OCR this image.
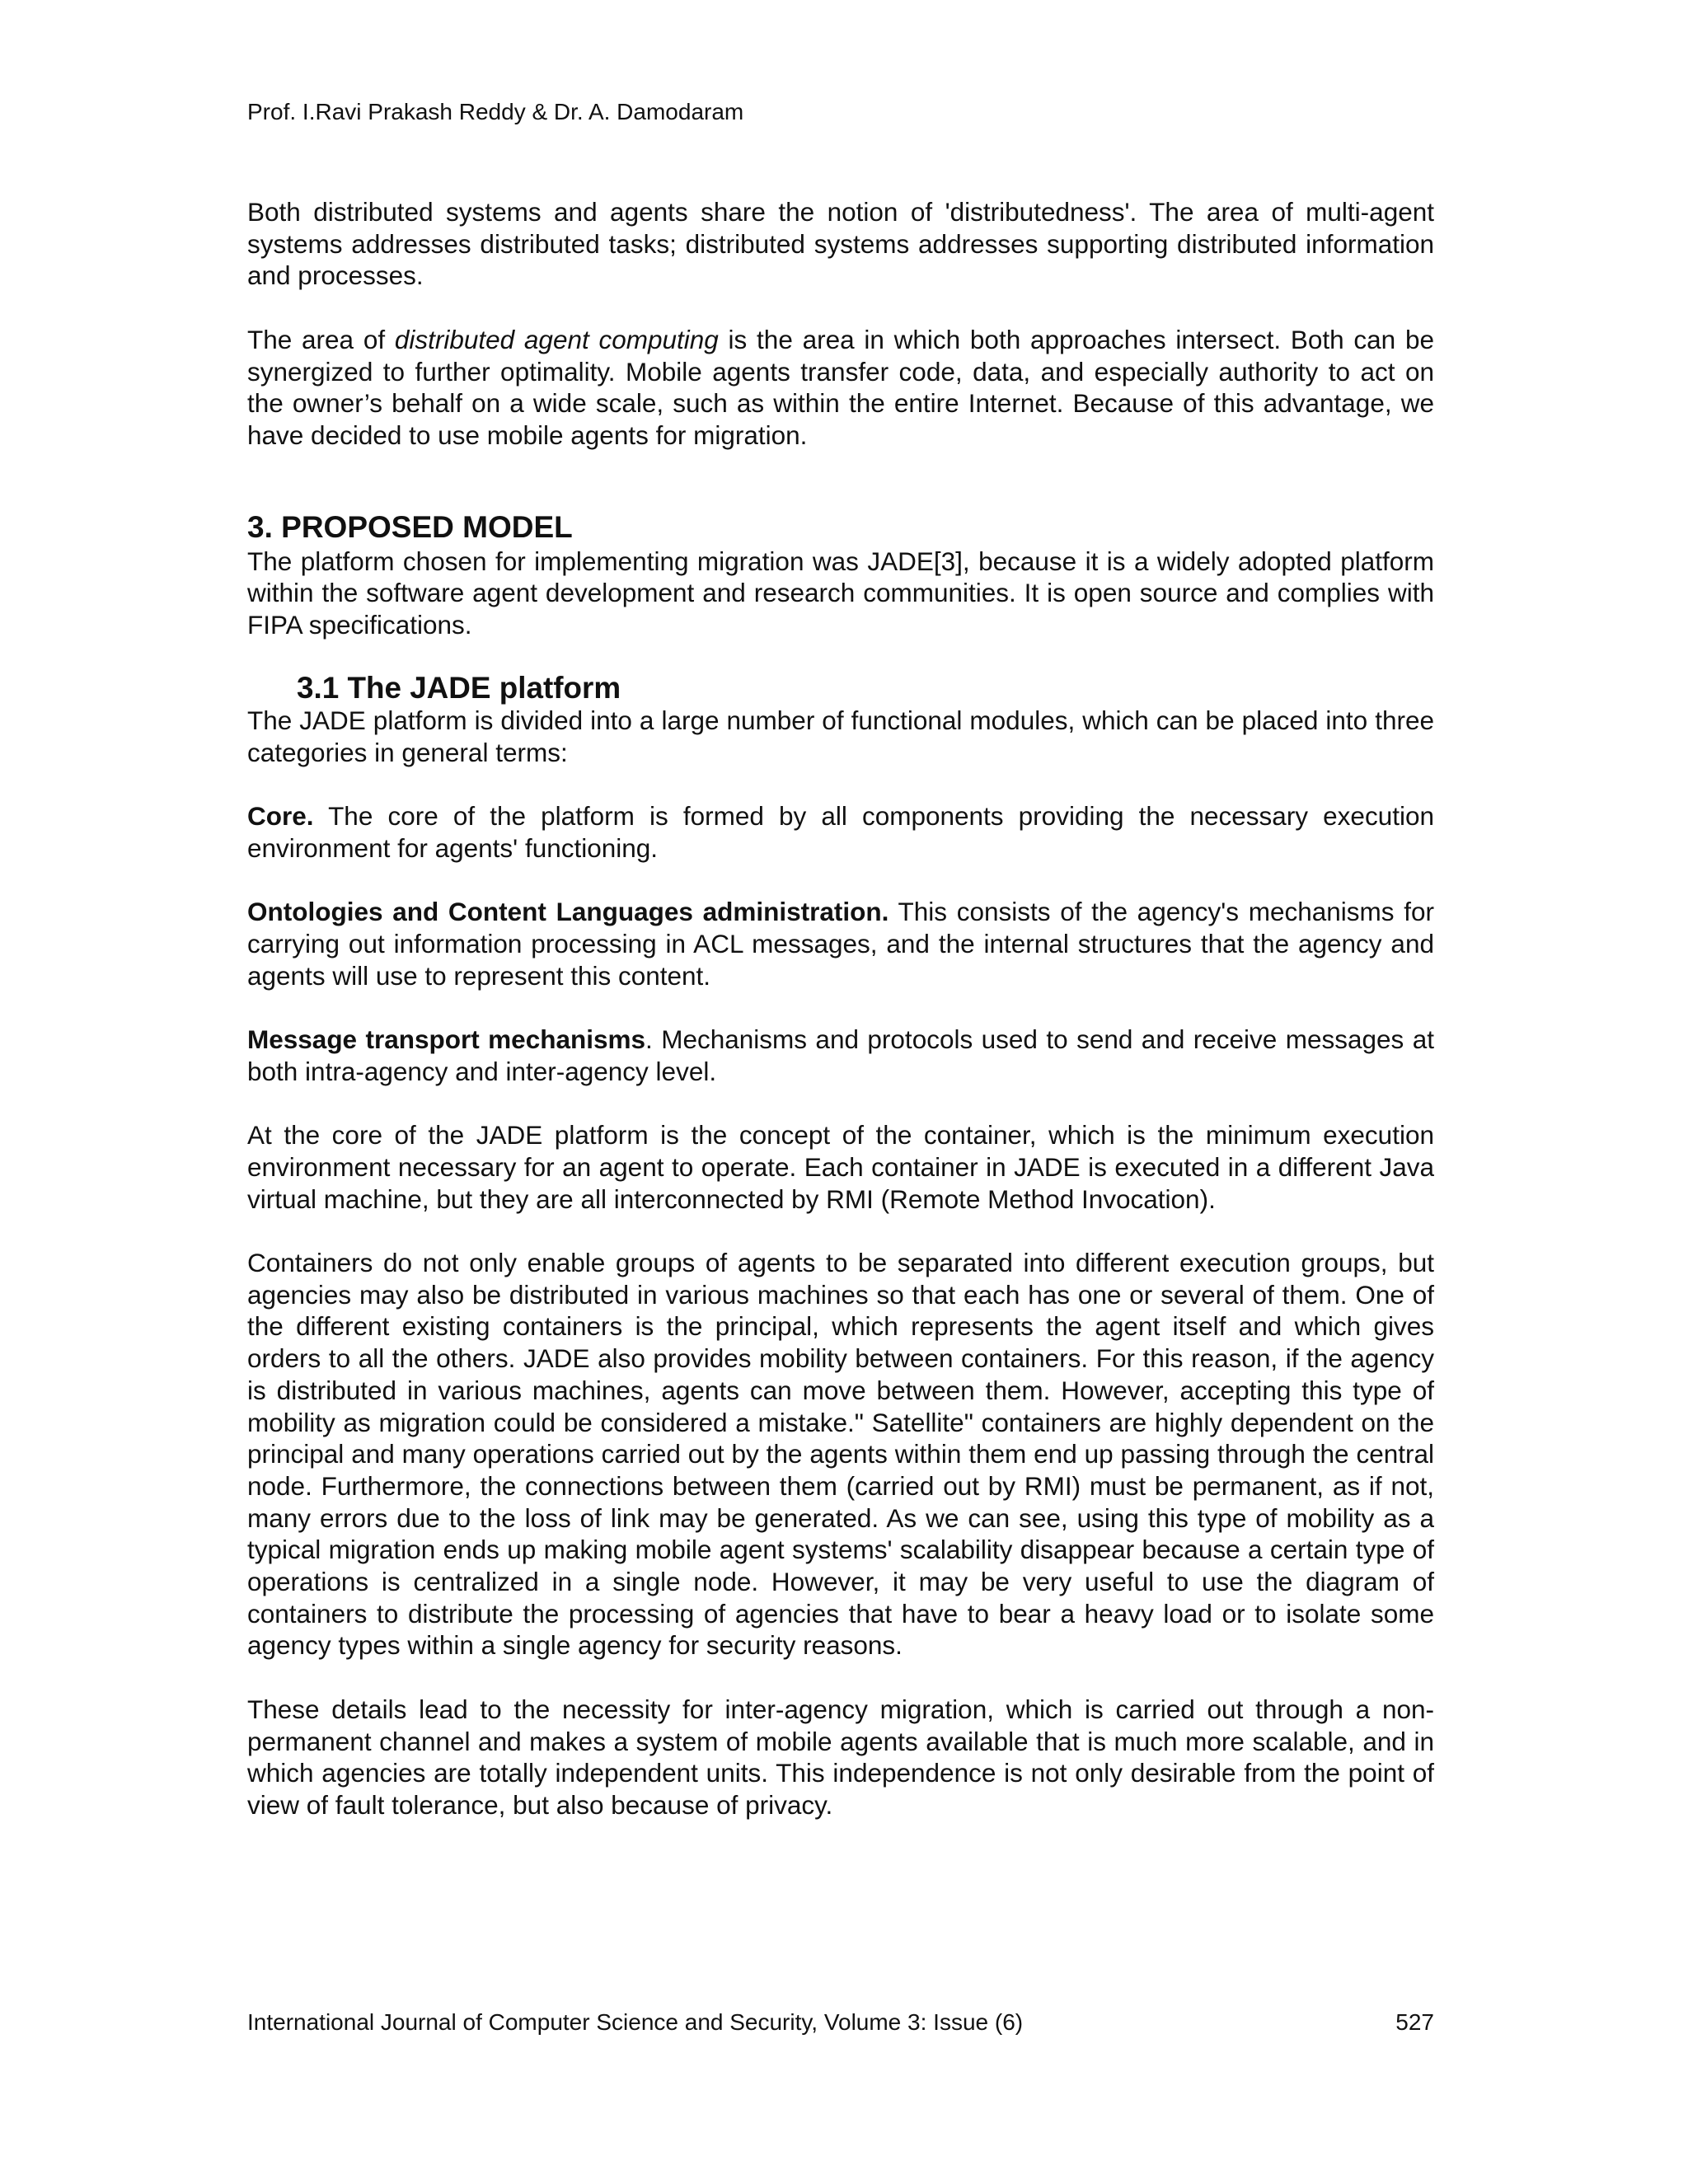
Prof. I.Ravi Prakash Reddy & Dr. A. Damodaram

Both distributed systems and agents share the notion of 'distributedness'. The area of multi-agent systems addresses distributed tasks; distributed systems addresses supporting distributed information and processes.

The area of distributed agent computing is the area in which both approaches intersect. Both can be synergized to further optimality. Mobile agents transfer code, data, and especially authority to act on the owner’s behalf on a wide scale, such as within the entire Internet. Because of this advantage, we have decided to use mobile agents for migration.

3. PROPOSED MODEL

The platform chosen for implementing migration was JADE[3], because it is a widely adopted platform within the software agent development and research communities. It is open source and complies with FIPA specifications.

3.1 The JADE platform

The JADE platform is divided into a large number of functional modules, which can be placed into three categories in general terms:

Core. The core of the platform is formed by all components providing the necessary execution environment for agents' functioning.

Ontologies and Content Languages administration. This consists of the agency's mechanisms for carrying out information processing in ACL messages, and the internal structures that the agency and agents will use to represent this content.

Message transport mechanisms. Mechanisms and protocols used to send and receive messages at both intra-agency and inter-agency level.

At the core of the JADE platform is the concept of the container, which is the minimum execution environment necessary for an agent to operate. Each container in JADE is executed in a different Java virtual machine, but they are all interconnected by RMI (Remote Method Invocation).

Containers do not only enable groups of agents to be separated into different execution groups, but agencies may also be distributed in various machines so that each has one or several of them. One of the different existing containers is the principal, which represents the agent itself and which gives orders to all the others. JADE also provides mobility between containers. For this reason, if the agency is distributed in various machines, agents can move between them. However, accepting this type of mobility as migration could be considered a mistake." Satellite" containers are highly dependent on the principal and many operations carried out by the agents within them end up passing through the central node. Furthermore, the connections between them (carried out by RMI) must be permanent, as if not, many errors due to the loss of link may be generated. As we can see, using this type of mobility as a typical migration ends up making mobile agent systems' scalability disappear because a certain type of operations is centralized in a single node. However, it may be very useful to use the diagram of containers to distribute the processing of agencies that have to bear a heavy load or to isolate some agency types within a single agency for security reasons.

These details lead to the necessity for inter-agency migration, which is carried out through a non-permanent channel and makes a system of mobile agents available that is much more scalable, and in which agencies are totally independent units. This independence is not only desirable from the point of view of fault tolerance, but also because of privacy.

International Journal of Computer Science and Security, Volume 3: Issue (6)	527
